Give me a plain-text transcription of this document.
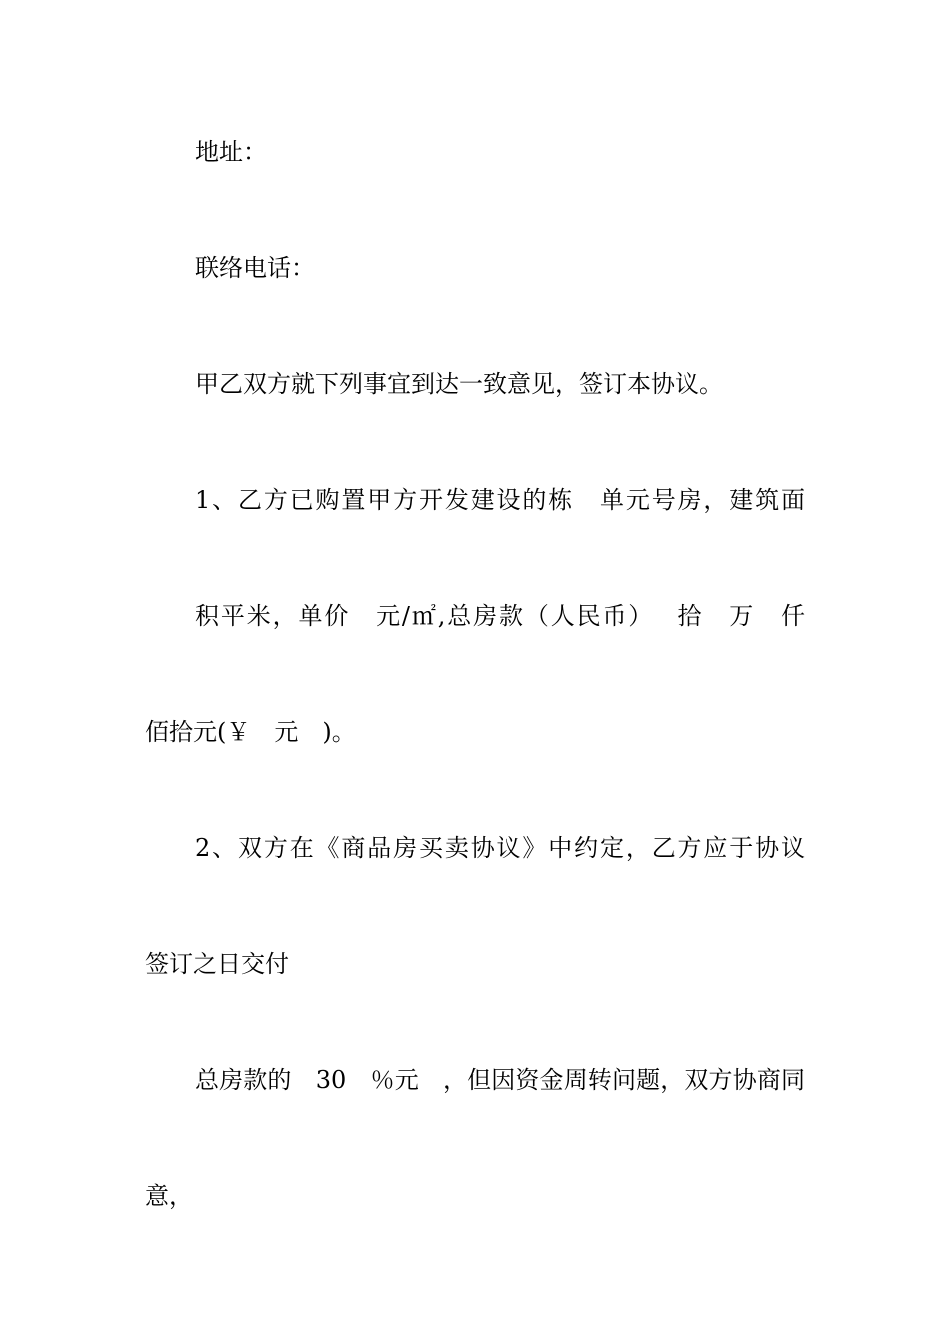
地址：
联络电话：
甲乙双方就下列事宜到达一致意见，签订本协议。
1、乙方已购置甲方开发建设的栋　单元号房，建筑面
积平米，单价　元/㎡,总房款（人民币）　 拾　万　仟
佰拾元(￥　元　)。
2、双方在《商品房买卖协议》中约定，乙方应于协议
签订之日交付
总房款的　30　％元　，但因资金周转问题，双方协商同
意，
